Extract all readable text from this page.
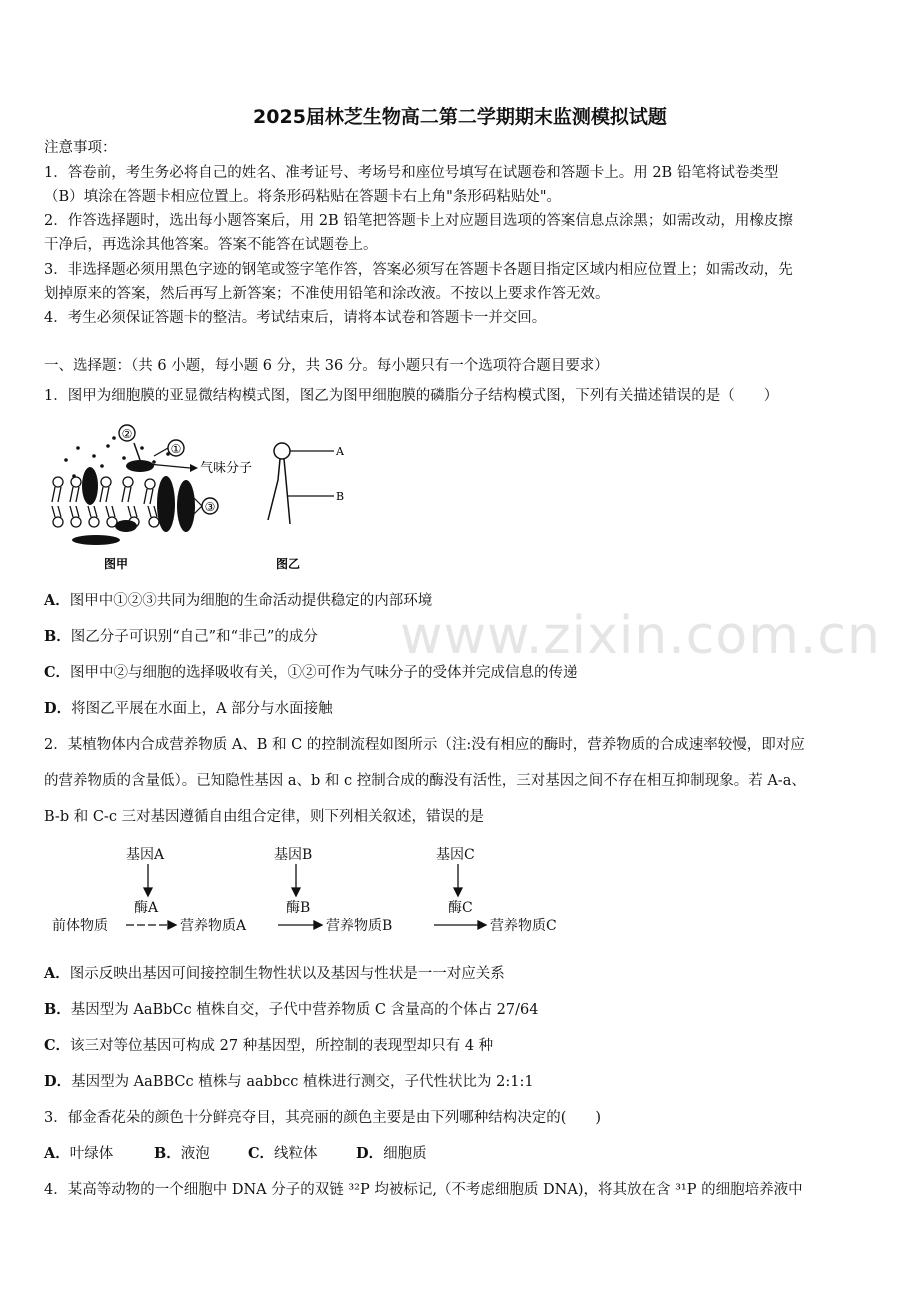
2025届林芝生物高二第二学期期末监测模拟试题
注意事项：
1．答卷前，考生务必将自己的姓名、准考证号、考场号和座位号填写在试题卷和答题卡上。用 2B 铅笔将试卷类型
（B）填涂在答题卡相应位置上。将条形码粘贴在答题卡右上角"条形码粘贴处"。
2．作答选择题时，选出每小题答案后，用 2B 铅笔把答题卡上对应题目选项的答案信息点涂黑；如需改动，用橡皮擦
干净后，再选涂其他答案。答案不能答在试题卷上。
3．非选择题必须用黑色字迹的钢笔或签字笔作答，答案必须写在答题卡各题目指定区域内相应位置上；如需改动，先
划掉原来的答案，然后再写上新答案；不准使用铅笔和涂改液。不按以上要求作答无效。
4．考生必须保证答题卡的整洁。考试结束后，请将本试卷和答题卡一并交回。
一、选择题：（共 6 小题，每小题 6 分，共 36 分。每小题只有一个选项符合题目要求）
1．图甲为细胞膜的亚显微结构模式图，图乙为图甲细胞膜的磷脂分子结构模式图，下列有关描述错误的是（　　）
②
①
气味分子
③
图甲
A
B
图乙
A．图甲中①②③共同为细胞的生命活动提供稳定的内部环境
B．图乙分子可识别“自己”和“非己”的成分
C．图甲中②与细胞的选择吸收有关，①②可作为气味分子的受体并完成信息的传递
D．将图乙平展在水面上，A 部分与水面接触
www.zixin.com.cn
2．某植物体内合成营养物质 A、B 和 C 的控制流程如图所示（注:没有相应的酶时，营养物质的合成速率较慢，即对应
的营养物质的含量低）。已知隐性基因 a、b 和 c 控制合成的酶没有活性，三对基因之间不存在相互抑制现象。若 A-a、
B-b 和 C-c 三对基因遵循自由组合定律，则下列相关叙述，错误的是
基因A	基因B	基因C
酶A	酶B	酶C
前体物质	营养物质A	营养物质B	营养物质C
A．图示反映出基因可间接控制生物性状以及基因与性状是一一对应关系
B．基因型为 AaBbCc 植株自交，子代中营养物质 C 含量高的个体占 27/64
C．该三对等位基因可构成 27 种基因型，所控制的表现型却只有 4 种
D．基因型为 AaBBCc 植株与 aabbcc 植株进行测交，子代性状比为 2:1:1
3．郁金香花朵的颜色十分鲜亮夺目，其亮丽的颜色主要是由下列哪种结构决定的(　　)
A．叶绿体	B．液泡	C．线粒体	D．细胞质
4．某高等动物的一个细胞中 DNA 分子的双链 ³²P 均被标记,（不考虑细胞质 DNA)，将其放在含 ³¹P 的细胞培养液中
